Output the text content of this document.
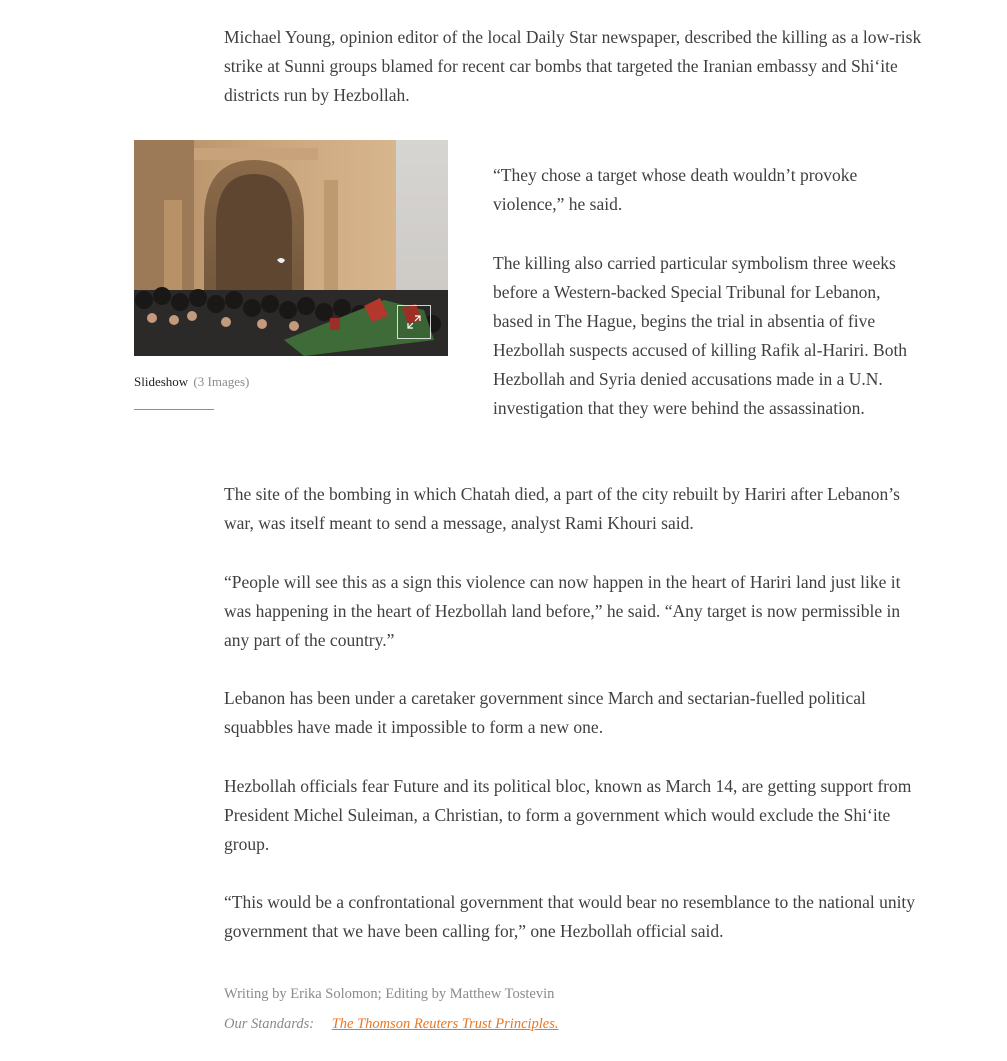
Michael Young, opinion editor of the local Daily Star newspaper, described the killing as a low-risk strike at Sunni groups blamed for recent car bombs that targeted the Iranian embassy and Shi‘ite districts run by Hezbollah.

Slideshow (3 Images)

“They chose a target whose death wouldn’t provoke violence,” he said.

The killing also carried particular symbolism three weeks before a Western-backed Special Tribunal for Lebanon, based in The Hague, begins the trial in absentia of five Hezbollah suspects accused of killing Rafik al-Hariri. Both Hezbollah and Syria denied accusations made in a U.N. investigation that they were behind the assassination.

The site of the bombing in which Chatah died, a part of the city rebuilt by Hariri after Lebanon’s war, was itself meant to send a message, analyst Rami Khouri said.

“People will see this as a sign this violence can now happen in the heart of Hariri land just like it was happening in the heart of Hezbollah land before,” he said. “Any target is now permissible in any part of the country.”

Lebanon has been under a caretaker government since March and sectarian-fuelled political squabbles have made it impossible to form a new one.

Hezbollah officials fear Future and its political bloc, known as March 14, are getting support from President Michel Suleiman, a Christian, to form a government which would exclude the Shi‘ite group.

“This would be a confrontational government that would bear no resemblance to the national unity government that we have been calling for,” one Hezbollah official said.

Writing by Erika Solomon; Editing by Matthew Tostevin

Our Standards: The Thomson Reuters Trust Principles.
